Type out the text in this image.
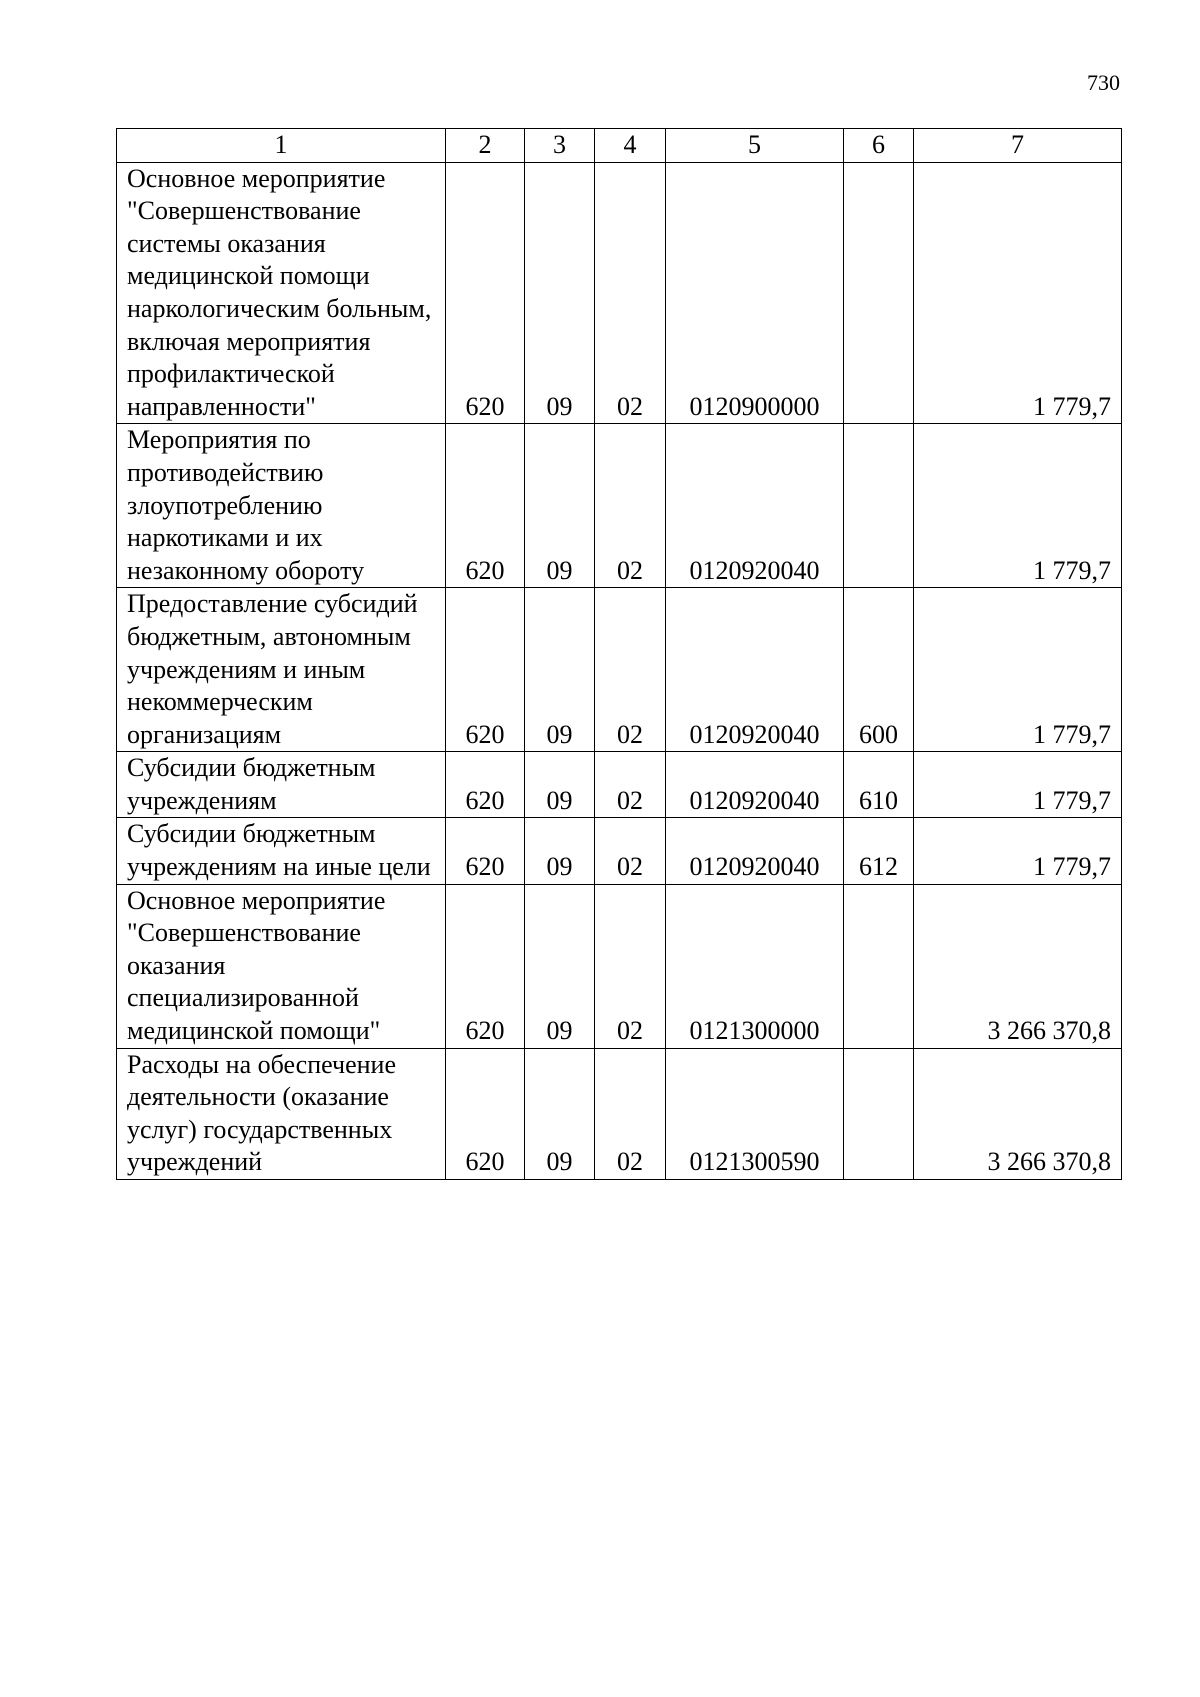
730
1	2	3	4	5	6	7
Основное мероприятие "Совершенствование системы оказания медицинской помощи наркологическим больным, включая мероприятия профилактической направленности"	620	09	02	0120900000		1 779,7
Мероприятия по противодействию злоупотреблению наркотиками и их незаконному обороту	620	09	02	0120920040		1 779,7
Предоставление субсидий бюджетным, автономным учреждениям и иным некоммерческим организациям	620	09	02	0120920040	600	1 779,7
Субсидии бюджетным учреждениям	620	09	02	0120920040	610	1 779,7
Субсидии бюджетным учреждениям на иные цели	620	09	02	0120920040	612	1 779,7
Основное мероприятие "Совершенствование оказания специализированной медицинской помощи"	620	09	02	0121300000		3 266 370,8
Расходы на обеспечение деятельности (оказание услуг) государственных учреждений	620	09	02	0121300590		3 266 370,8
